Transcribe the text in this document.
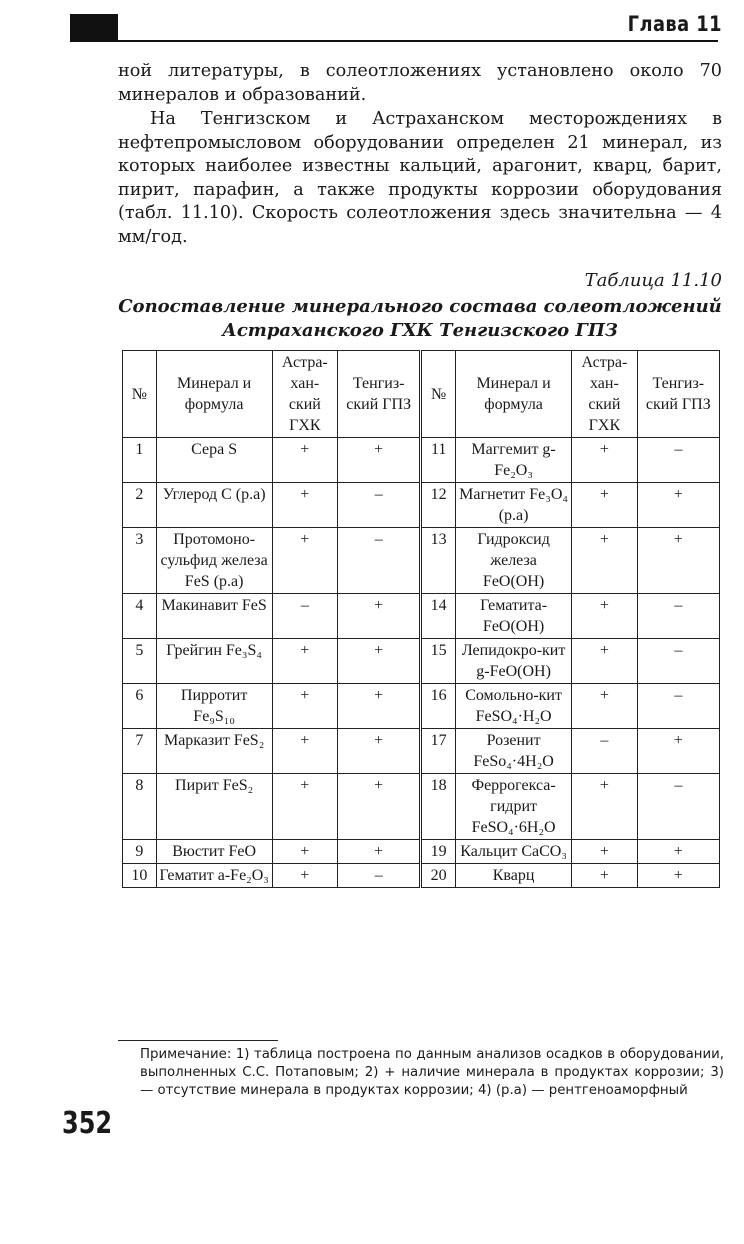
Глава 11
ной литературы, в солеотложениях установлено около 70 минералов и образований.
На Тенгизском и Астраханском месторождениях в нефтепромысловом оборудовании определен 21 минерал, из которых наиболее известны кальций, арагонит, кварц, барит, пирит, парафин, а также продукты коррозии оборудования (табл. 11.10). Скорость солеотложения здесь значительна — 4 мм/год.
Таблица 11.10
Сопоставление минерального состава солеотложений Астраханского ГХК Тенгизского ГПЗ
№	Минерал и формула	Астра-хан-ский ГХК	Тенгиз-ский ГПЗ	№	Минерал и формула	Астра-хан-ский ГХК	Тенгиз-ский ГПЗ
1	Сера S	+	+	11	Маггемит g-Fe₂O₃	+	–
2	Углерод C (р.а)	+	–	12	Магнетит Fe₃O₄ (р.а)	+	+
3	Протомоно-сульфид железа FeS (р.а)	+	–	13	Гидроксид железа FeO(OH)	+	+
4	Макинавит FeS	–	+	14	Гематита-FeO(OH)	+	–
5	Грейгин Fe₃S₄	+	+	15	Лепидокро-кит g-FeO(OH)	+	–
6	Пирротит Fe₉S₁₀	+	+	16	Сомольно-кит FeSO₄·H₂O	+	–
7	Марказит FeS₂	+	+	17	Розенит FeSo₄·4H₂O	–	+
8	Пирит FeS₂	+	+	18	Феррогекса-гидрит FeSO₄·6H₂O	+	–
9	Вюстит FeO	+	+	19	Кальцит CaCO₃	+	+
10	Гематит a-Fe₂O₃	+	–	20	Кварц	+	+
Примечание: 1) таблица построена по данным анализов осадков в оборудовании, выполненных С.С. Потаповым; 2) + наличие минерала в продуктах коррозии; 3) — отсутствие минерала в продуктах коррозии; 4) (р.а) — рентгеноаморфный
352
